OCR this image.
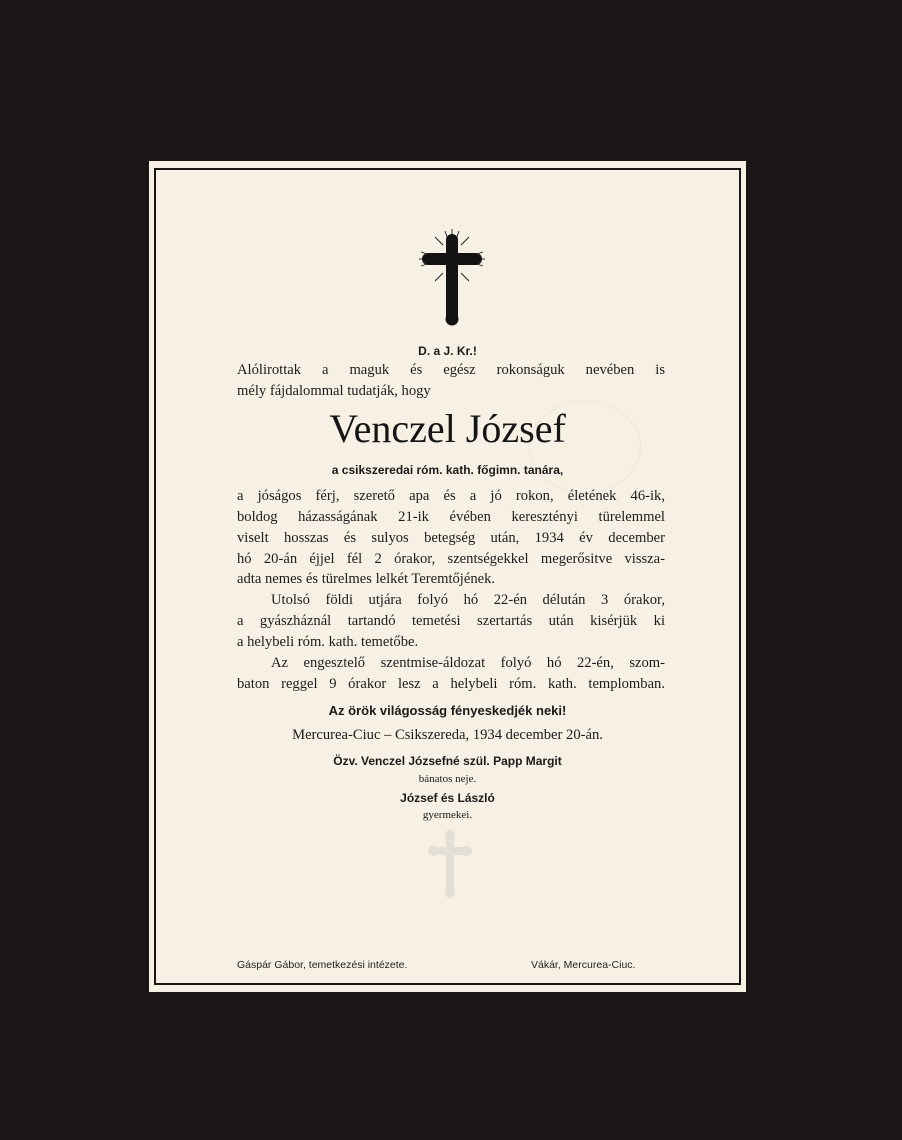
D. a J. Kr.!
Alólirottak a maguk és egész rokonságuk nevében is
mély fájdalommal tudatják, hogy
Venczel József
a csikszeredai róm. kath. főgimn. tanára,
a jóságos férj, szerető apa és a jó rokon, életének 46-ik,
boldog házasságának 21-ik évében keresztényi türelemmel
viselt hosszas és sulyos betegség után, 1934 év december
hó 20-án éjjel fél 2 órakor, szentségekkel megerősitve vissza-
adta nemes és türelmes lelkét Teremtőjének.
Utolsó földi utjára folyó hó 22-én délután 3 órakor,
a gyászháznál tartandó temetési szertartás után kisérjük ki
a helybeli róm. kath. temetőbe.
Az engesztelő szentmise-áldozat folyó hó 22-én, szom-
baton reggel 9 órakor lesz a helybeli róm. kath. templomban.
Az örök világosság fényeskedjék neki!
Mercurea-Ciuc – Csikszereda, 1934 december 20-án.
Özv. Venczel Józsefné szül. Papp Margit
bánatos neje.
József és László
gyermekei.
Gáspár Gábor, temetkezési intézete.	Vákár, Mercurea-Ciuc.
